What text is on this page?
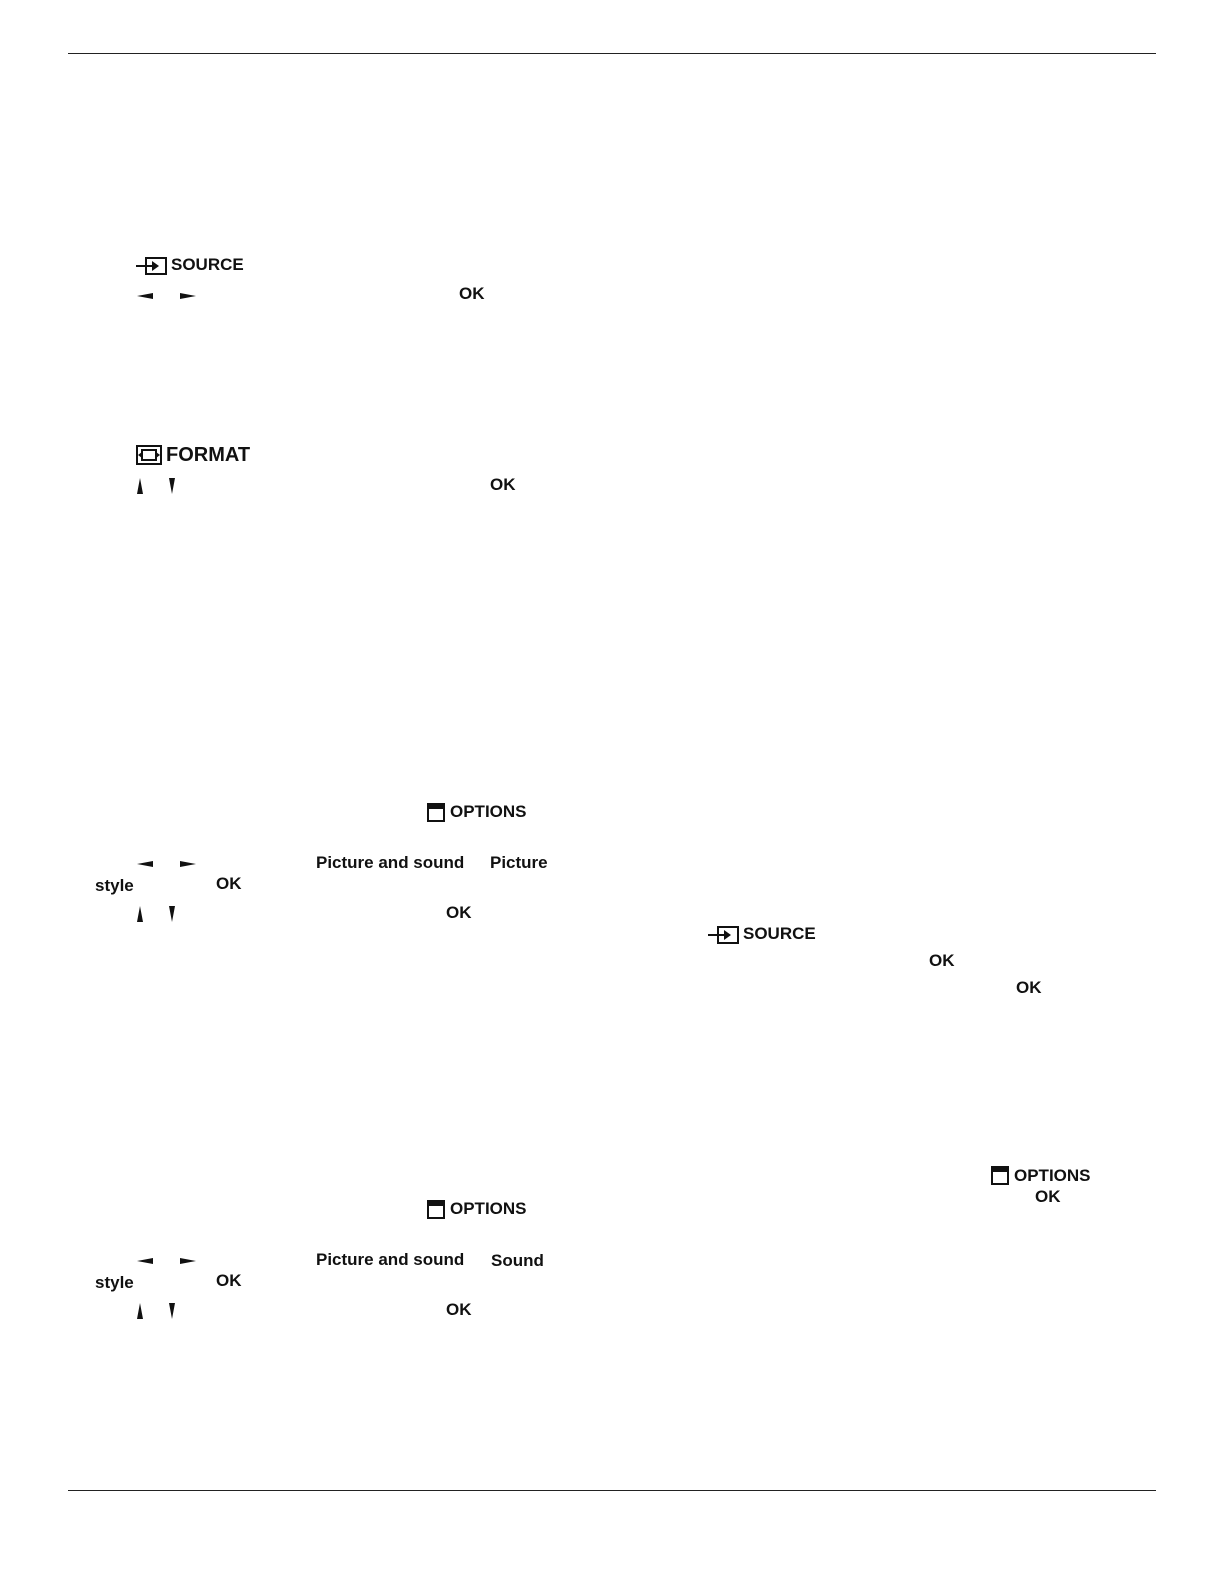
SOURCE
OK
FORMAT
OK
OPTIONS
Picture and sound Picture
style	OK
OK
OPTIONS
Picture and sound Sound
style	OK
OK
SOURCE
OK
OK
OPTIONS
OK
